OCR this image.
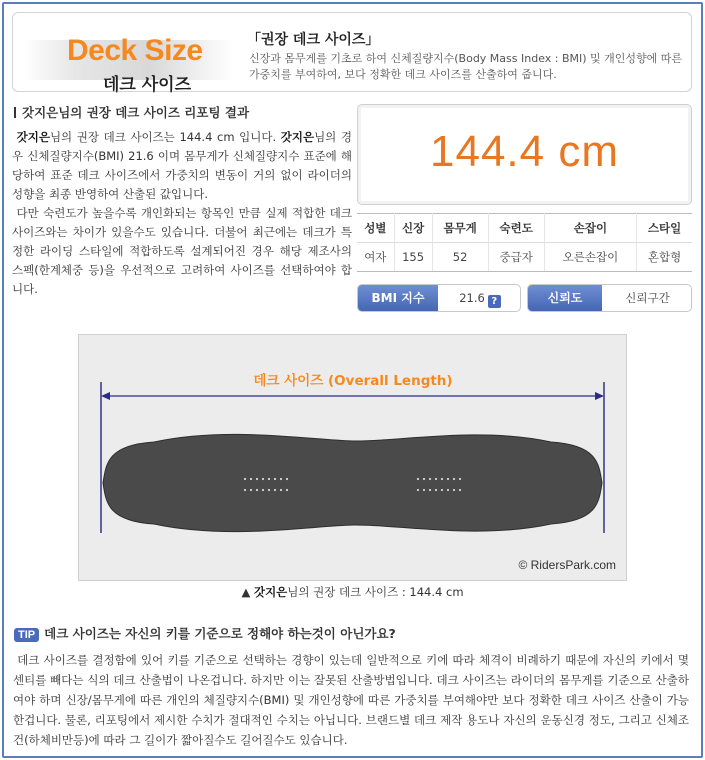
Deck Size
데크 사이즈
「권장 데크 사이즈」
신장과 몸무게를 기초로 하여 신체질량지수(Body Mass Index : BMI) 및 개인성향에 따른 가중치를 부여하여, 보다 정확한 데크 사이즈를 산출하여 줍니다.
갓지은님의 권장 데크 사이즈 리포팅 결과
갓지은님의 권장 데크 사이즈는 144.4 cm 입니다. 갓지은님의 경우 신체질량지수(BMI) 21.6 이며 몸무게가 신체질량지수 표준에 해당하여 표준 데크 사이즈에서 가중치의 변동이 거의 없이 라이더의 성향을 최종 반영하여 산출된 값입니다.
다만 숙련도가 높을수록 개인화되는 항목인 만큼 실제 적합한 데크 사이즈와는 차이가 있을수도 있습니다. 더불어 최근에는 데크가 특정한 라이딩 스타일에 적합하도록 설계되어진 경우 해당 제조사의 스펙(한계체중 등)을 우선적으로 고려하여 사이즈를 선택하여야 합니다.
144.4 cm
성별	신장	몸무게	숙련도	손잡이	스타일
여자	155	52	중급자	오른손잡이	혼합형
BMI 지수	21.6 ?	신뢰도	신뢰구간
데크 사이즈 (Overall Length)
© RidersPark.com
▲ 갓지은님의 권장 데크 사이즈 : 144.4 cm
TIP 데크 사이즈는 자신의 키를 기준으로 정해야 하는것이 아닌가요?
데크 사이즈를 결정함에 있어 키를 기준으로 선택하는 경향이 있는데 일반적으로 키에 따라 체격이 비례하기 때문에 자신의 키에서 몇센티를 빼다는 식의 데크 산출법이 나온겁니다. 하지만 이는 잘못된 산출방법입니다. 데크 사이즈는 라이더의 몸무게를 기준으로 산출하여야 하며 신장/몸무게에 따른 개인의 체질량지수(BMI) 및 개인성향에 따른 가중치를 부여해야만 보다 정확한 데크 사이즈 산출이 가능한겁니다. 물론, 리포팅에서 제시한 수치가 절대적인 수치는 아닙니다. 브랜드별 데크 제작 용도나 자신의 운동신경 정도, 그리고 신체조건(하체비만등)에 따라 그 길이가 짧아질수도 길어질수도 있습니다.
